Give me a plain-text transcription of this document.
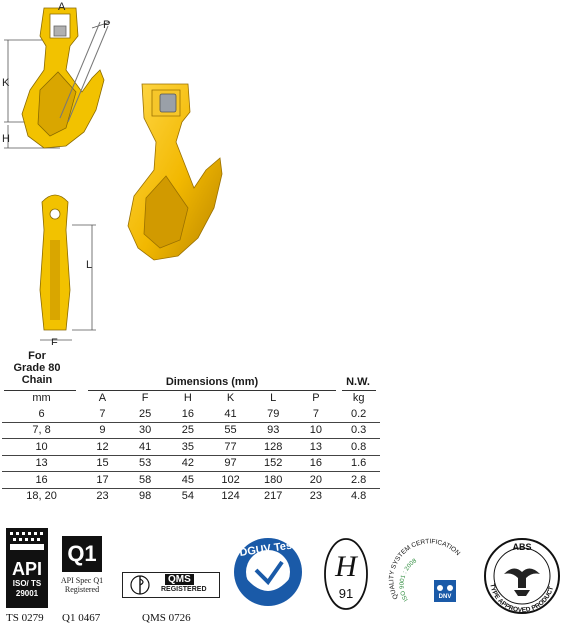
A
P
K
H
L
F
For
Grade 80
Chain	Dimensions (mm)	N.W.
mm	A	F	H	K	L	P	kg
6	7	25	16	41	79	7	0.2
7, 8	9	30	25	55	93	10	0.3
10	12	41	35	77	128	13	0.8
13	15	53	42	97	152	16	1.6
16	17	58	45	102	180	20	2.8
18, 20	23	98	54	124	217	23	4.8
API
ISO/ TS
29001
TS 0279
Q1
API Spec Q1
Registered
Q1 0467
QMS
REGISTERED
QMS 0726
DGUV Test
H
91	QUALITY SYSTEM CERTIFICATION
ISO 9001 : 2008
DNV
ABS
TYPE APPROVED PRODUCT
